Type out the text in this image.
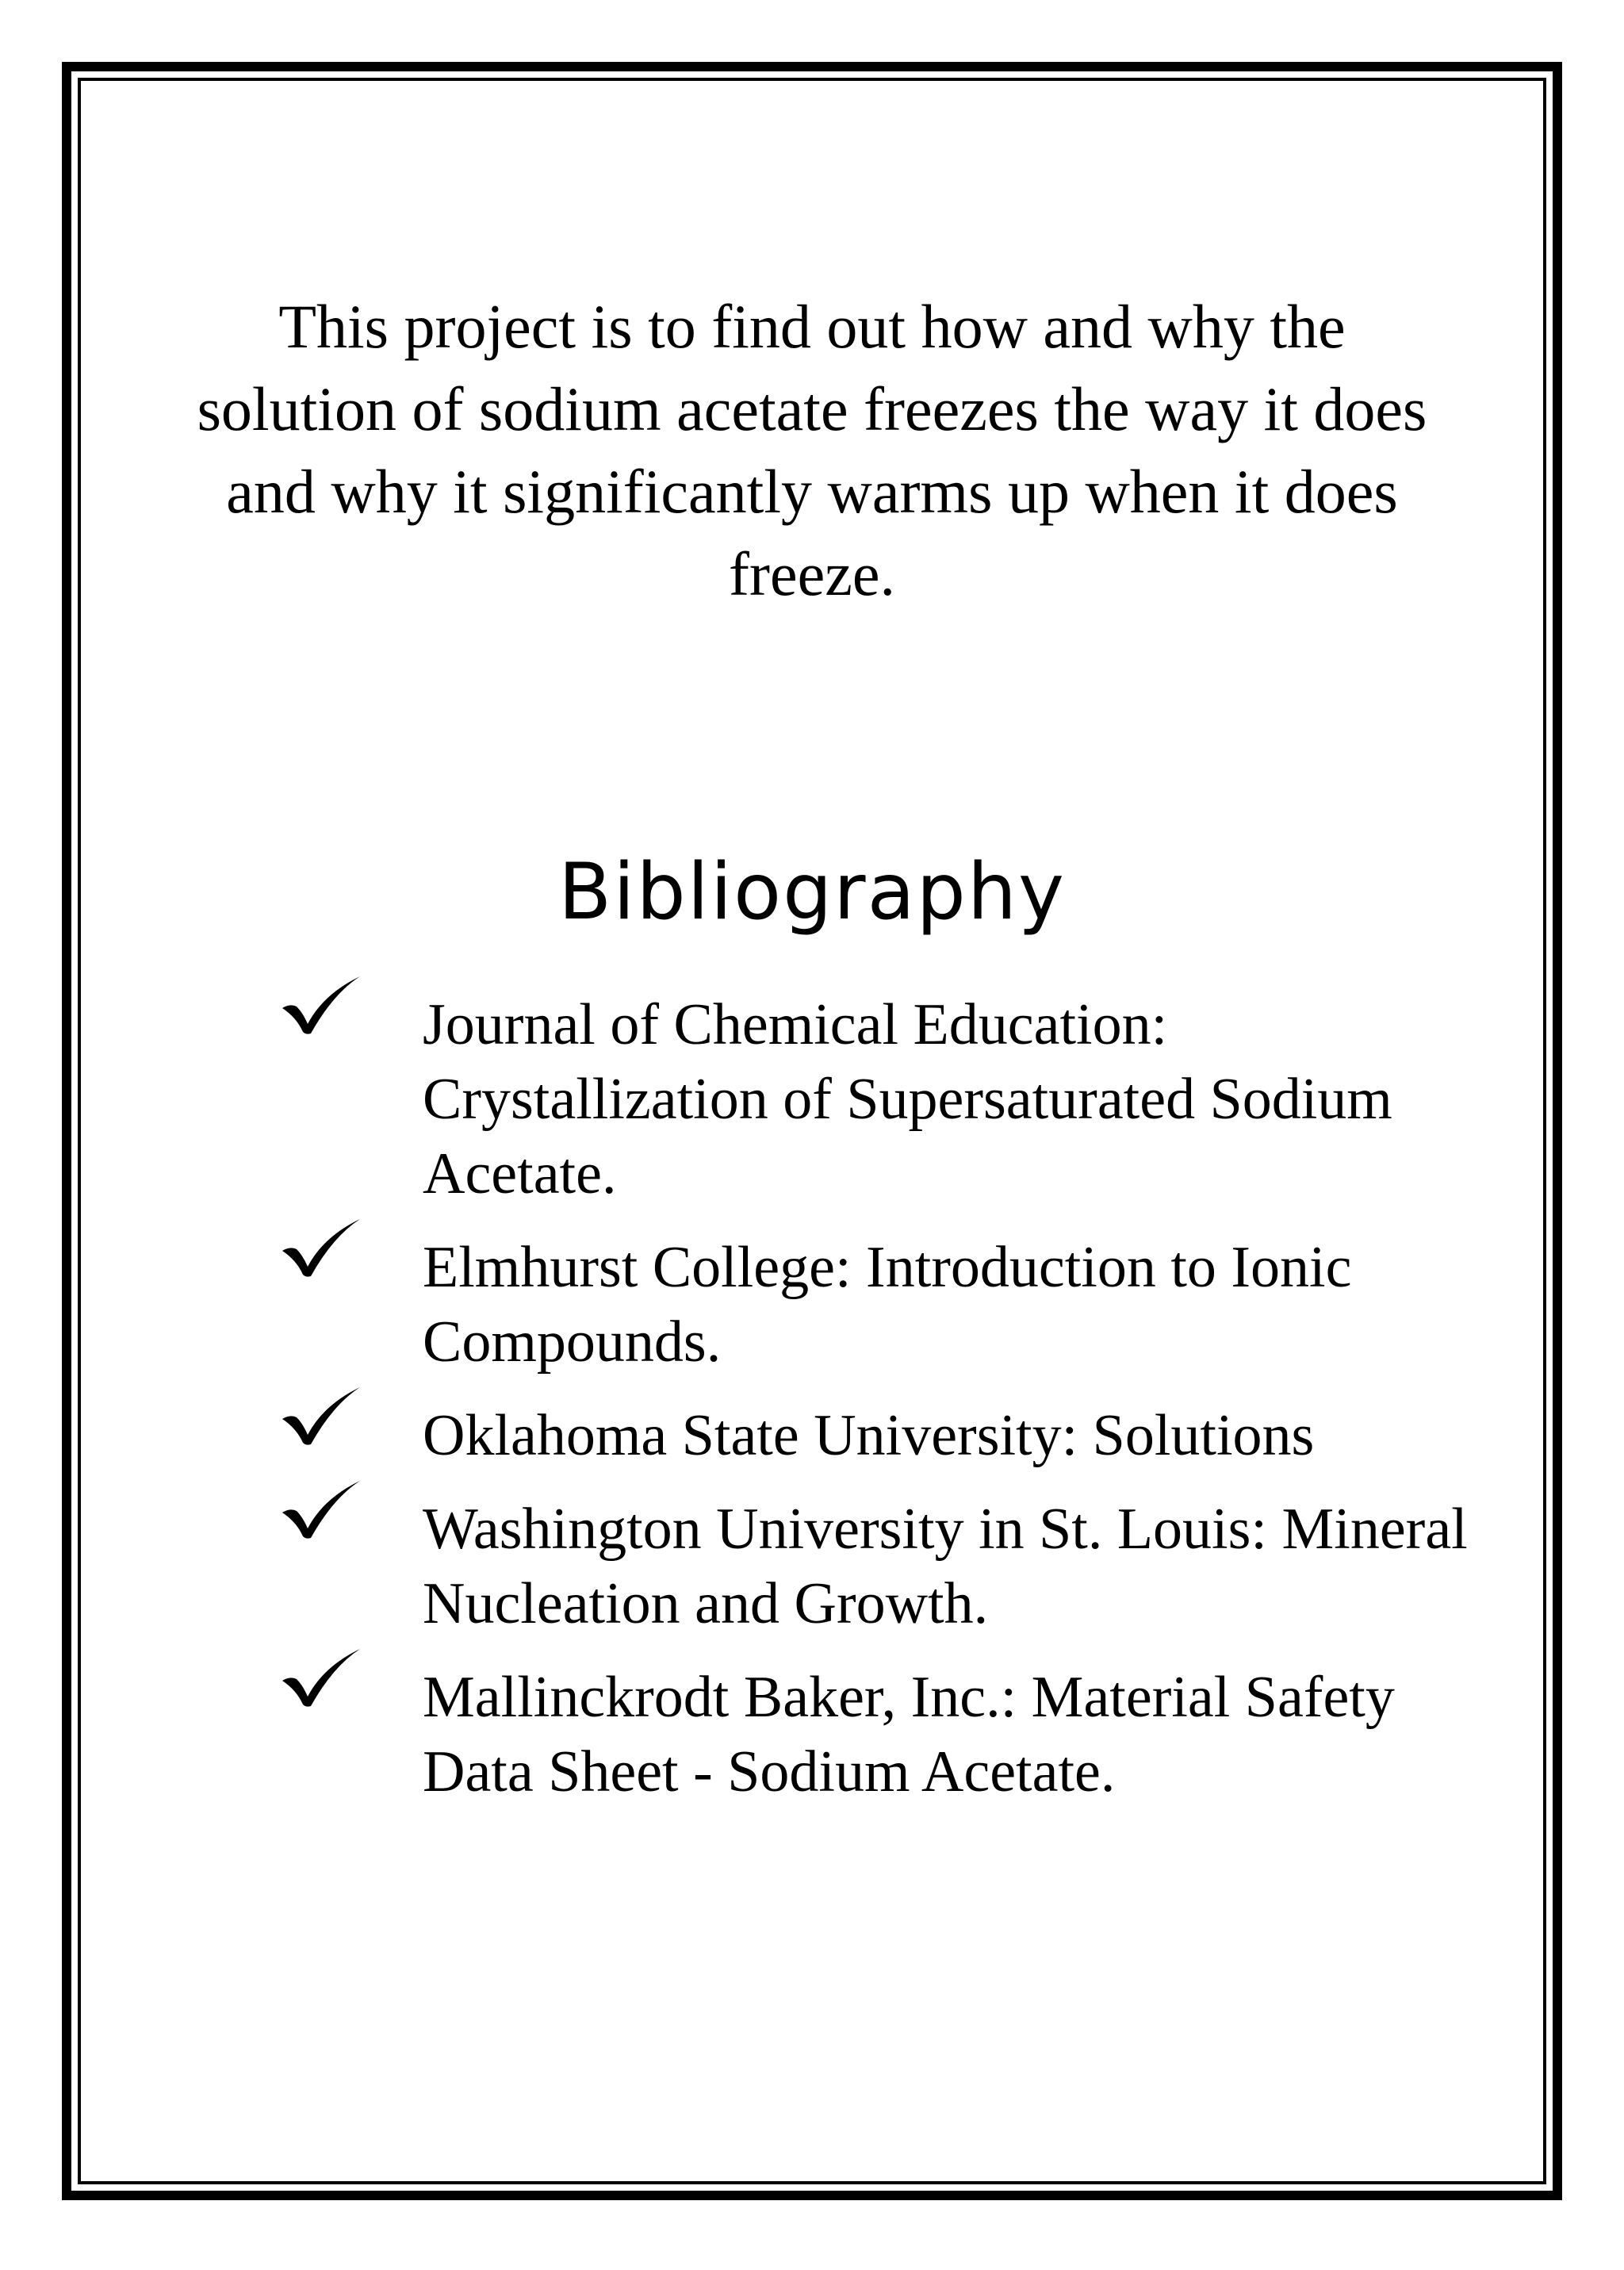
This project is to find out how and why the solution of sodium acetate freezes the way it does and why it significantly warms up when it does freeze.

Bibliography
Journal of Chemical Education: Crystallization of Supersaturated Sodium Acetate.
Elmhurst College: Introduction to Ionic Compounds.
Oklahoma State University: Solutions
Washington University in St. Louis: Mineral Nucleation and Growth.
Mallinckrodt Baker, Inc.: Material Safety Data Sheet - Sodium Acetate.
